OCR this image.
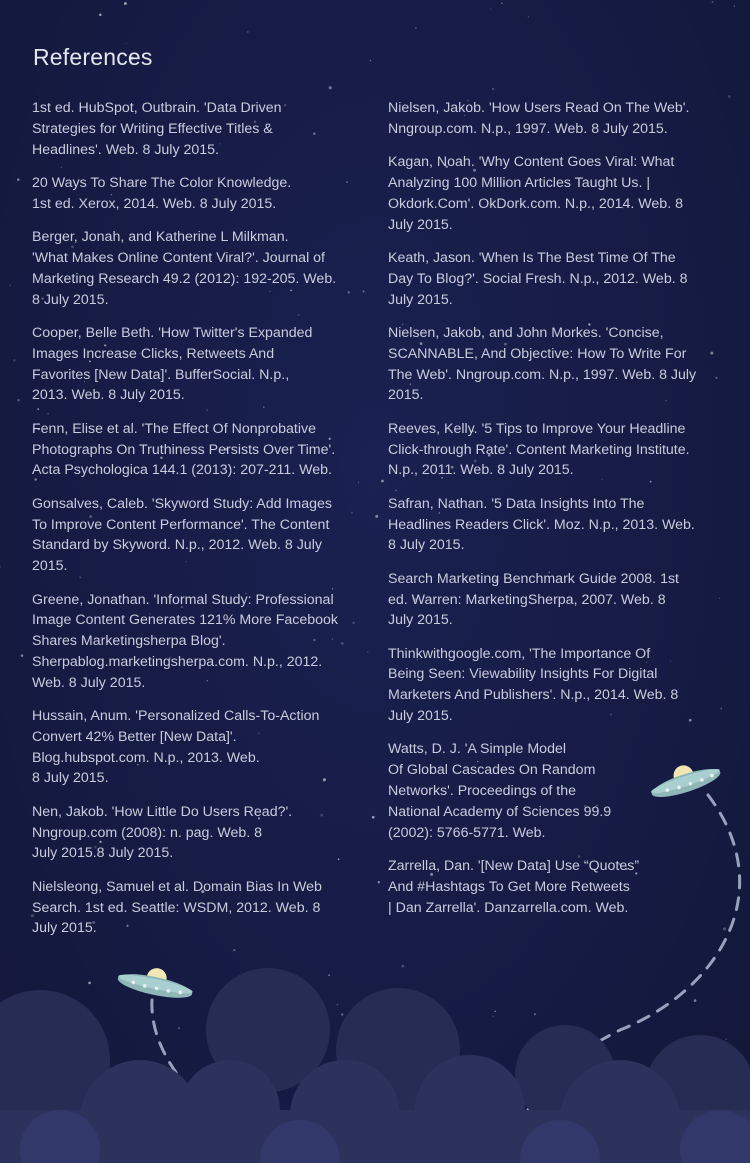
References

1st ed. HubSpot, Outbrain. 'Data Driven
Strategies for Writing Effective Titles &
Headlines'. Web. 8 July 2015.

20 Ways To Share The Color Knowledge.
1st ed. Xerox, 2014. Web. 8 July 2015.

Berger, Jonah, and Katherine L Milkman.
'What Makes Online Content Viral?'. Journal of
Marketing Research 49.2 (2012): 192-205. Web.
8 July 2015.

Cooper, Belle Beth. 'How Twitter's Expanded
Images Increase Clicks, Retweets And
Favorites [New Data]'. BufferSocial. N.p.,
2013. Web. 8 July 2015.

Fenn, Elise et al. 'The Effect Of Nonprobative
Photographs On Truthiness Persists Over Time'.
Acta Psychologica 144.1 (2013): 207-211. Web.

Gonsalves, Caleb. 'Skyword Study: Add Images
To Improve Content Performance'. The Content
Standard by Skyword. N.p., 2012. Web. 8 July
2015.

Greene, Jonathan. 'Informal Study: Professional
Image Content Generates 121% More Facebook
Shares Marketingsherpa Blog'.
Sherpablog.marketingsherpa.com. N.p., 2012.
Web. 8 July 2015.

Hussain, Anum. 'Personalized Calls-To-Action
Convert 42% Better [New Data]'.
Blog.hubspot.com. N.p., 2013. Web.
8 July 2015.

Nen, Jakob. 'How Little Do Users Read?'.
Nngroup.com (2008): n. pag. Web. 8
July 2015.8 July 2015.

Nielsleong, Samuel et al. Domain Bias In Web
Search. 1st ed. Seattle: WSDM, 2012. Web. 8
July 2015.

Nielsen, Jakob. 'How Users Read On The Web'.
Nngroup.com. N.p., 1997. Web. 8 July 2015.

Kagan, Noah. 'Why Content Goes Viral: What
Analyzing 100 Million Articles Taught Us. |
Okdork.Com'. OkDork.com. N.p., 2014. Web. 8
July 2015.

Keath, Jason. 'When Is The Best Time Of The
Day To Blog?'. Social Fresh. N.p., 2012. Web. 8
July 2015.

Nielsen, Jakob, and John Morkes. 'Concise,
SCANNABLE, And Objective: How To Write For
The Web'. Nngroup.com. N.p., 1997. Web. 8 July
2015.

Reeves, Kelly. '5 Tips to Improve Your Headline
Click-through Rate'. Content Marketing Institute.
N.p., 2011. Web. 8 July 2015.

Safran, Nathan. '5 Data Insights Into The
Headlines Readers Click'. Moz. N.p., 2013. Web.
8 July 2015.

Search Marketing Benchmark Guide 2008. 1st
ed. Warren: MarketingSherpa, 2007. Web. 8
July 2015.

Thinkwithgoogle.com, 'The Importance Of
Being Seen: Viewability Insights For Digital
Marketers And Publishers'. N.p., 2014. Web. 8
July 2015.

Watts, D. J. 'A Simple Model
Of Global Cascades On Random
Networks'. Proceedings of the
National Academy of Sciences 99.9
(2002): 5766-5771. Web.

Zarrella, Dan. '[New Data] Use “Quotes”
And #Hashtags To Get More Retweets
| Dan Zarrella'. Danzarrella.com. Web.
